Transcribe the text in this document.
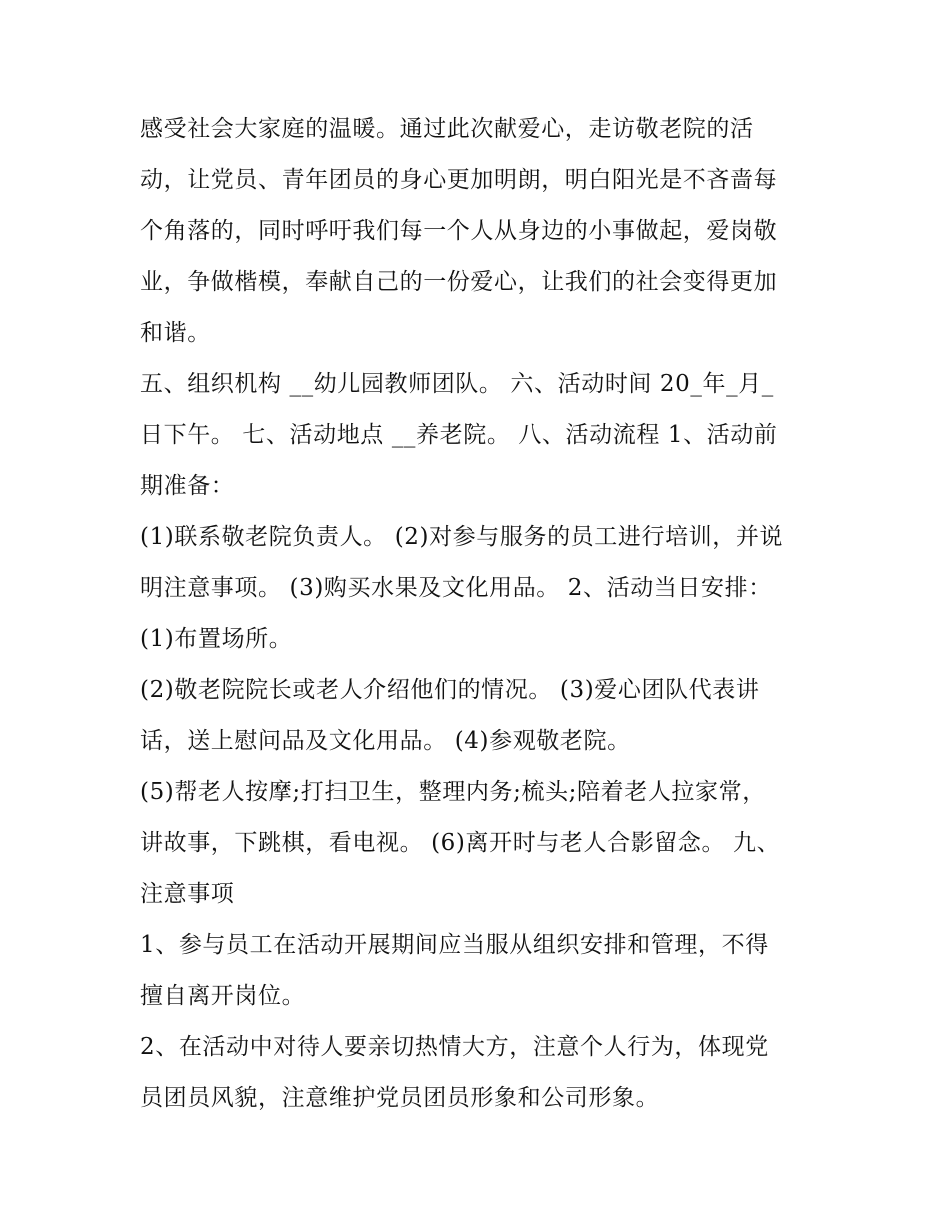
感受社会大家庭的温暖。通过此次献爱心，走访敬老院的活
动，让党员、青年团员的身心更加明朗，明白阳光是不吝啬每
个角落的，同时呼吁我们每一个人从身边的小事做起，爱岗敬
业，争做楷模，奉献自己的一份爱心，让我们的社会变得更加
和谐。
五、组织机构 __幼儿园教师团队。 六、活动时间 20_年_月_
日下午。 七、活动地点 __养老院。 八、活动流程 1、活动前
期准备：
(1)联系敬老院负责人。 (2)对参与服务的员工进行培训，并说
明注意事项。 (3)购买水果及文化用品。 2、活动当日安排：
(1)布置场所。
(2)敬老院院长或老人介绍他们的情况。 (3)爱心团队代表讲
话，送上慰问品及文化用品。 (4)参观敬老院。
(5)帮老人按摩;打扫卫生，整理内务;梳头;陪着老人拉家常，
讲故事，下跳棋，看电视。 (6)离开时与老人合影留念。 九、
注意事项
1、参与员工在活动开展期间应当服从组织安排和管理，不得
擅自离开岗位。
2、在活动中对待人要亲切热情大方，注意个人行为，体现党
员团员风貌，注意维护党员团员形象和公司形象。
